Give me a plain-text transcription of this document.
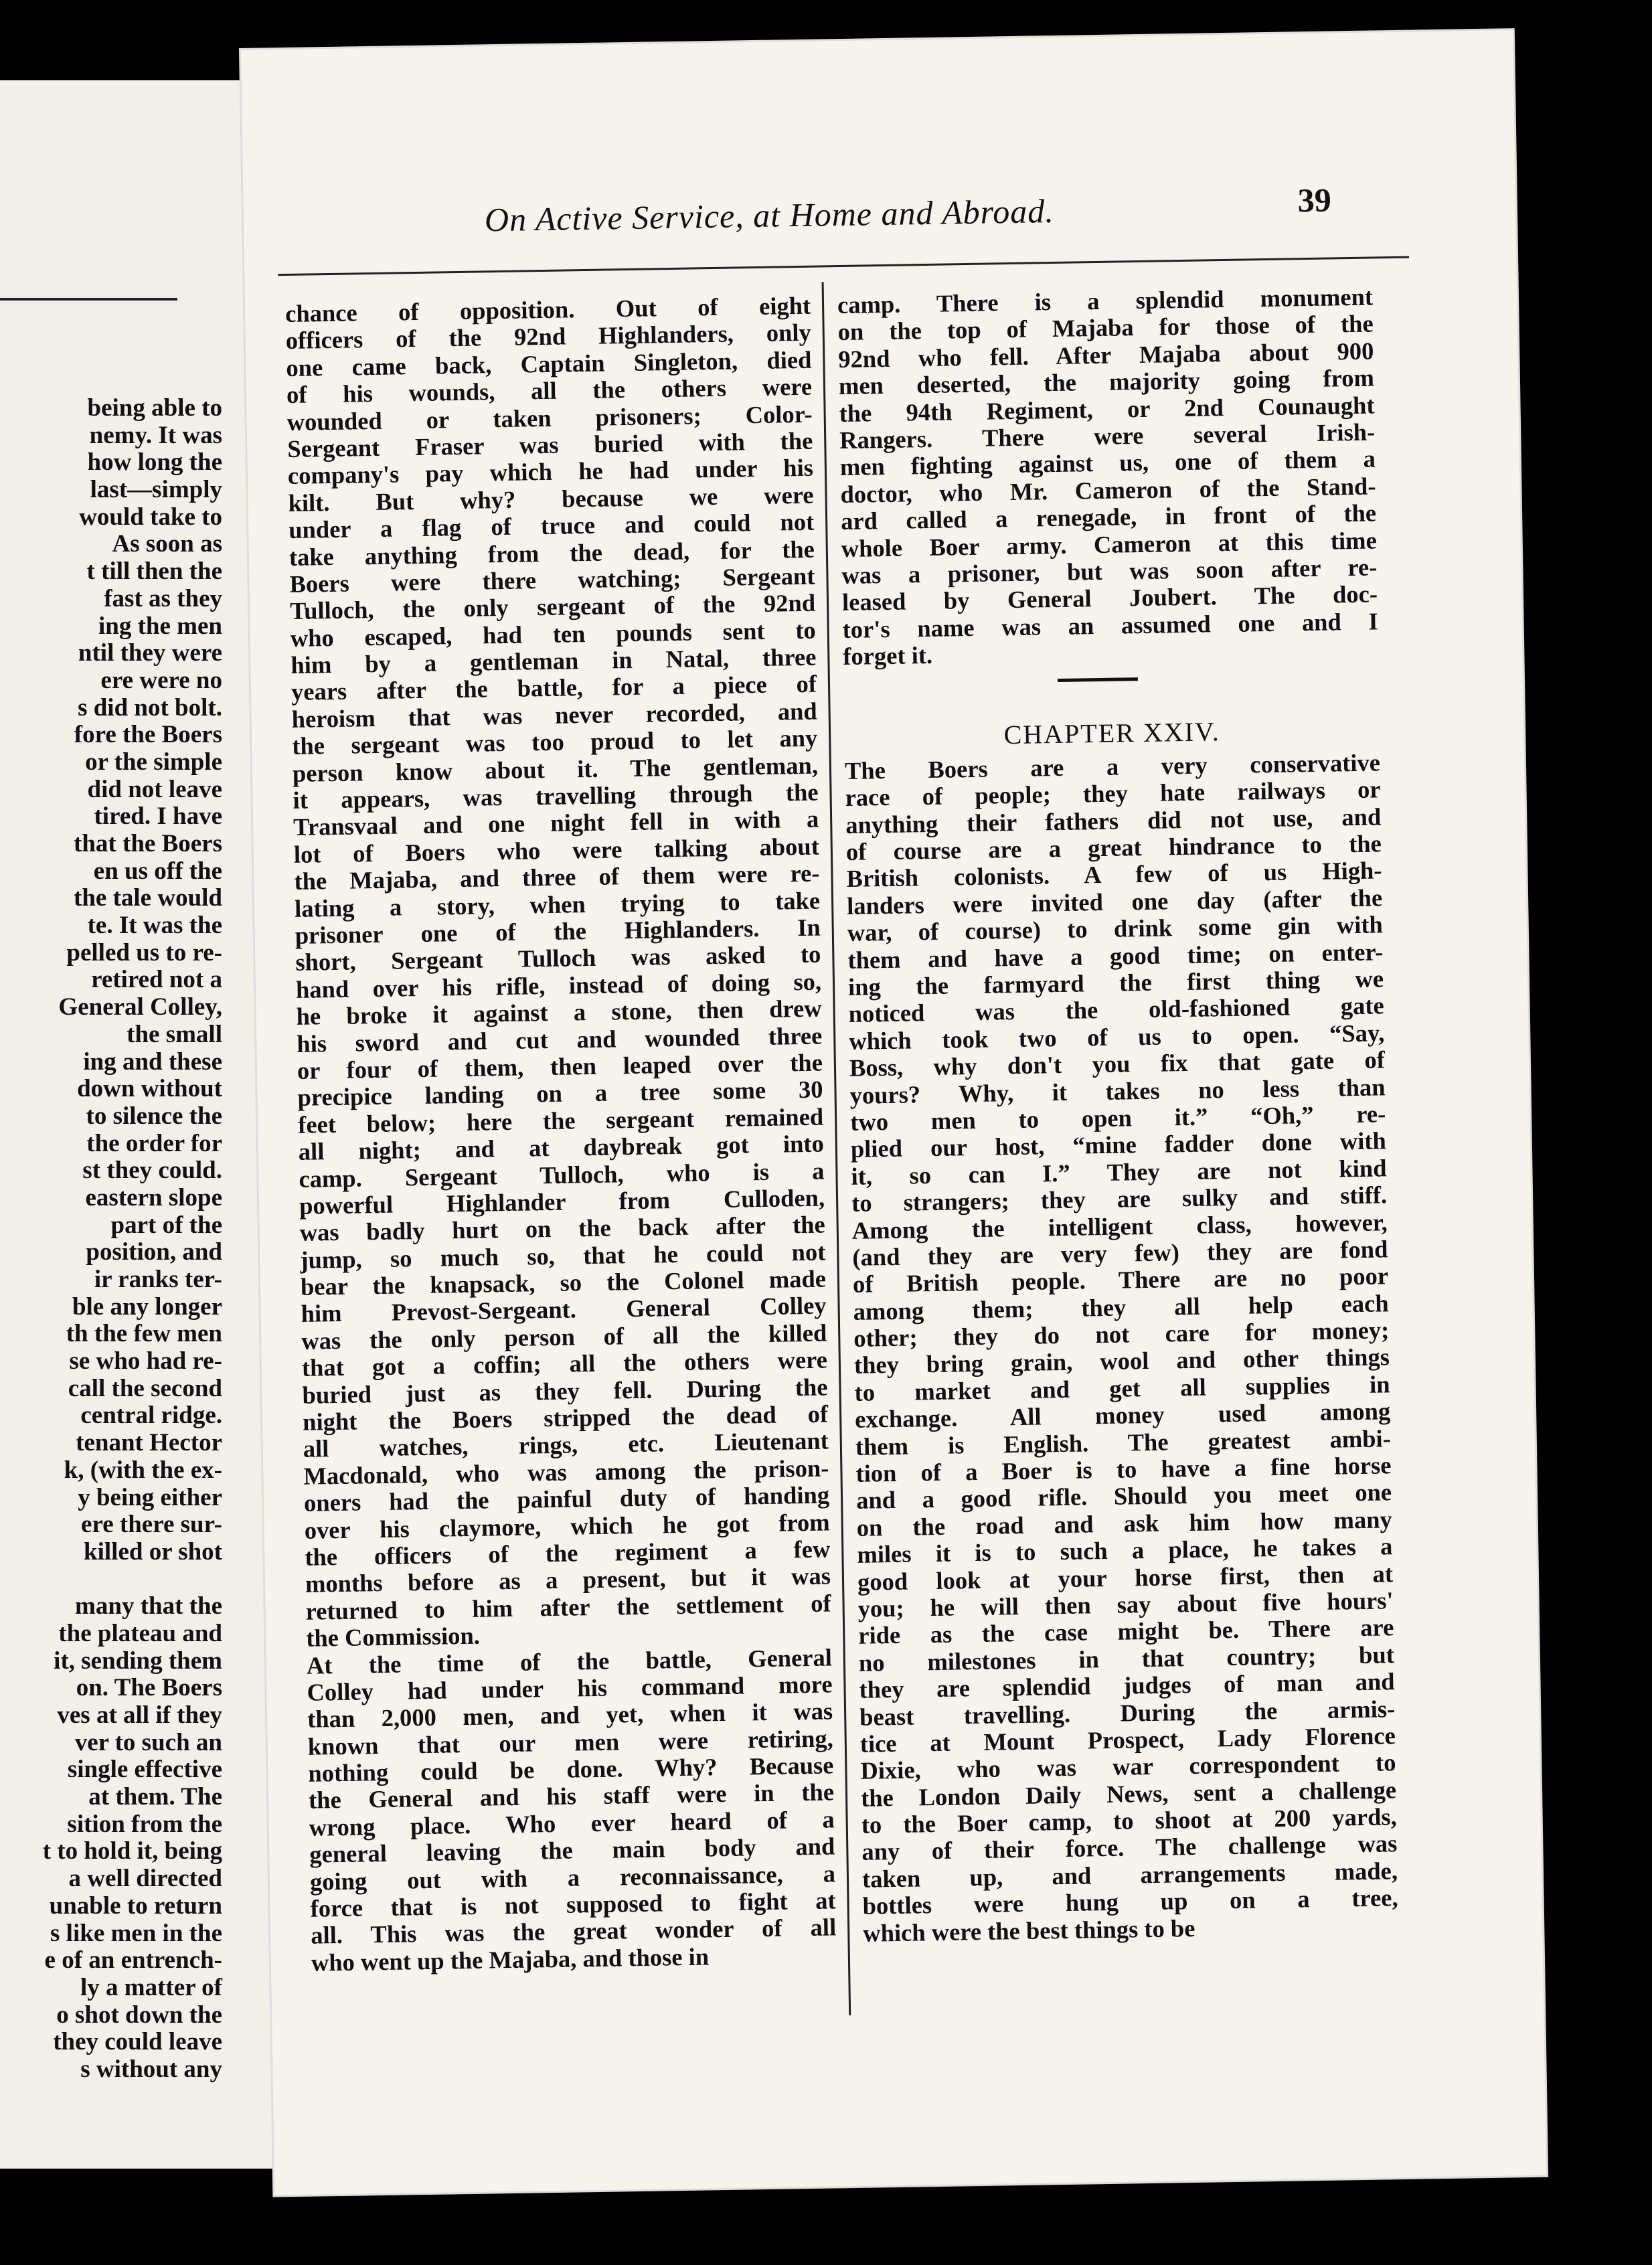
being able to
nemy. It was
how long the
last—simply
would take to
As soon as
t till then the
fast as they
ing the men
ntil they were
ere were no
s did not bolt.
fore the Boers
or the simple
did not leave
tired. I have
that the Boers
en us off the
the tale would
te. It was the
pelled us to re-
retired not a
General Colley,
the small
ing and these
down without
to silence the
the order for
st they could.
eastern slope
part of the
position, and
ir ranks ter-
ble any longer
th the few men
se who had re-
call the second
central ridge.
tenant Hector
k, (with the ex-
y being either
ere there sur-
killed or shot
many that the
the plateau and
it, sending them
on. The Boers
ves at all if they
ver to such an
single effective
at them. The
sition from the
t to hold it, being
a well directed
unable to return
s like men in the
e of an entrench-
ly a matter of
o shot down the
they could leave
s without any
On Active Service, at Home and Abroad.	39
chance of opposition. Out of eight
officers of the 92nd Highlanders, only
one came back, Captain Singleton, died
of his wounds, all the others were
wounded or taken prisoners; Color-
Sergeant Fraser was buried with the
company's pay which he had under his
kilt. But why? because we were
under a flag of truce and could not
take anything from the dead, for the
Boers were there watching; Sergeant
Tulloch, the only sergeant of the 92nd
who escaped, had ten pounds sent to
him by a gentleman in Natal, three
years after the battle, for a piece of
heroism that was never recorded, and
the sergeant was too proud to let any
person know about it. The gentleman,
it appears, was travelling through the
Transvaal and one night fell in with a
lot of Boers who were talking about
the Majaba, and three of them were re-
lating a story, when trying to take
prisoner one of the Highlanders. In
short, Sergeant Tulloch was asked to
hand over his rifle, instead of doing so,
he broke it against a stone, then drew
his sword and cut and wounded three
or four of them, then leaped over the
precipice landing on a tree some 30
feet below; here the sergeant remained
all night; and at daybreak got into
camp. Sergeant Tulloch, who is a
powerful Highlander from Culloden,
was badly hurt on the back after the
jump, so much so, that he could not
bear the knapsack, so the Colonel made
him Prevost-Sergeant. General Colley
was the only person of all the killed
that got a coffin; all the others were
buried just as they fell. During the
night the Boers stripped the dead of
all watches, rings, etc. Lieutenant
Macdonald, who was among the prison-
oners had the painful duty of handing
over his claymore, which he got from
the officers of the regiment a few
months before as a present, but it was
returned to him after the settlement of
the Commission.
At the time of the battle, General
Colley had under his command more
than 2,000 men, and yet, when it was
known that our men were retiring,
nothing could be done. Why? Because
the General and his staff were in the
wrong place. Who ever heard of a
general leaving the main body and
going out with a reconnaissance, a
force that is not supposed to fight at
all. This was the great wonder of all
who went up the Majaba, and those in
camp. There is a splendid monument
on the top of Majaba for those of the
92nd who fell. After Majaba about 900
men deserted, the majority going from
the 94th Regiment, or 2nd Counaught
Rangers. There were several Irish-
men fighting against us, one of them a
doctor, who Mr. Cameron of the Stand-
ard called a renegade, in front of the
whole Boer army. Cameron at this time
was a prisoner, but was soon after re-
leased by General Joubert. The doc-
tor's name was an assumed one and I
forget it.
CHAPTER XXIV.
The Boers are a very conservative
race of people; they hate railways or
anything their fathers did not use, and
of course are a great hindrance to the
British colonists. A few of us High-
landers were invited one day (after the
war, of course) to drink some gin with
them and have a good time; on enter-
ing the farmyard the first thing we
noticed was the old-fashioned gate
which took two of us to open. “Say,
Boss, why don't you fix that gate of
yours? Why, it takes no less than
two men to open it.” “Oh,” re-
plied our host, “mine fadder done with
it, so can I.” They are not kind
to strangers; they are sulky and stiff.
Among the intelligent class, however,
(and they are very few) they are fond
of British people. There are no poor
among them; they all help each
other; they do not care for money;
they bring grain, wool and other things
to market and get all supplies in
exchange. All money used among
them is English. The greatest ambi-
tion of a Boer is to have a fine horse
and a good rifle. Should you meet one
on the road and ask him how many
miles it is to such a place, he takes a
good look at your horse first, then at
you; he will then say about five hours'
ride as the case might be. There are
no milestones in that country; but
they are splendid judges of man and
beast travelling. During the armis-
tice at Mount Prospect, Lady Florence
Dixie, who was war correspondent to
the London Daily News, sent a challenge
to the Boer camp, to shoot at 200 yards,
any of their force. The challenge was
taken up, and arrangements made,
bottles were hung up on a tree,
which were the best things to be
